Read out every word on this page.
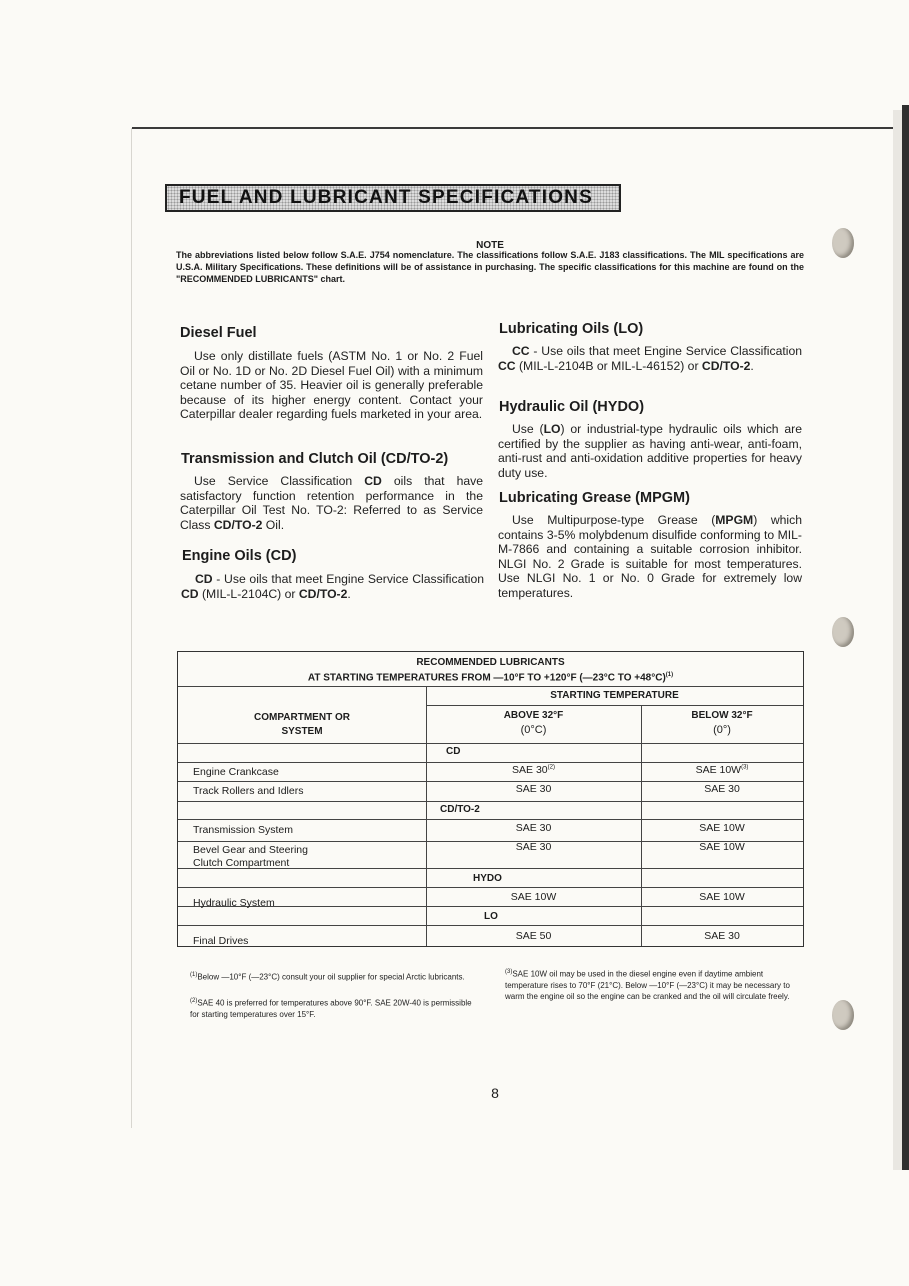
FUEL AND LUBRICANT SPECIFICATIONS
NOTE
The abbreviations listed below follow S.A.E. J754 nomenclature. The classifications follow S.A.E. J183 classifications. The MIL specifications are U.S.A. Military Specifications. These definitions will be of assistance in purchasing. The specific classifications for this machine are found on the "RECOMMENDED LUBRICANTS" chart.
Diesel Fuel
Use only distillate fuels (ASTM No. 1 or No. 2 Fuel Oil or No. 1D or No. 2D Diesel Fuel Oil) with a minimum cetane number of 35. Heavier oil is generally preferable because of its higher energy content. Contact your Caterpillar dealer regarding fuels marketed in your area.
Transmission and Clutch Oil (CD/TO-2)
Use Service Classification CD oils that have satisfactory function retention performance in the Caterpillar Oil Test No. TO-2: Referred to as Service Class CD/TO-2 Oil.
Engine Oils (CD)
CD - Use oils that meet Engine Service Classification CD (MIL-L-2104C) or CD/TO-2.
Lubricating Oils (LO)
CC - Use oils that meet Engine Service Classification CC (MIL-L-2104B or MIL-L-46152) or CD/TO-2.
Hydraulic Oil (HYDO)
Use (LO) or industrial-type hydraulic oils which are certified by the supplier as having anti-wear, anti-foam, anti-rust and anti-oxidation additive properties for heavy duty use.
Lubricating Grease (MPGM)
Use Multipurpose-type Grease (MPGM) which contains 3-5% molybdenum disulfide conforming to MIL-M-7866 and containing a suitable corrosion inhibitor. NLGI No. 2 Grade is suitable for most temperatures. Use NLGI No. 1 or No. 0 Grade for extremely low temperatures.
RECOMMENDED LUBRICANTS
AT STARTING TEMPERATURES FROM —10°F TO +120°F (—23°C TO +48°C)$^{(1)}$
COMPARTMENT OR
SYSTEM
STARTING TEMPERATURE
ABOVE 32°F
(0°C)
BELOW 32°F
(0°)
CD
Engine Crankcase	SAE 30$^{(2)}$	SAE $10W^{(3)}$
Track Rollers and Idlers	SAE 30	SAE 30
CD/TO-2
Transmission System	SAE 30	SAE 10W
Bevel Gear and Steering
Clutch Compartment
SAE 30	SAE 10W
HYDO
Hydraulic System	SAE 10W	SAE 10W
LO
Final Drives	SAE 50	SAE 30
$^{(1)}$Below —10°F (—23°C) consult your oil supplier for special Arctic lubricants.
$^{(2)}$SAE 40 is preferred for temperatures above 90°F. SAE 20W-40 is permissible for starting temperatures over 15°F.
$^{(3)}$SAE 10W oil may be used in the diesel engine even if daytime ambient temperature rises to 70°F (21°C). Below —10°F (—23°C) it may be necessary to warm the engine oil so the engine can be cranked and the oil will circulate freely.
8
